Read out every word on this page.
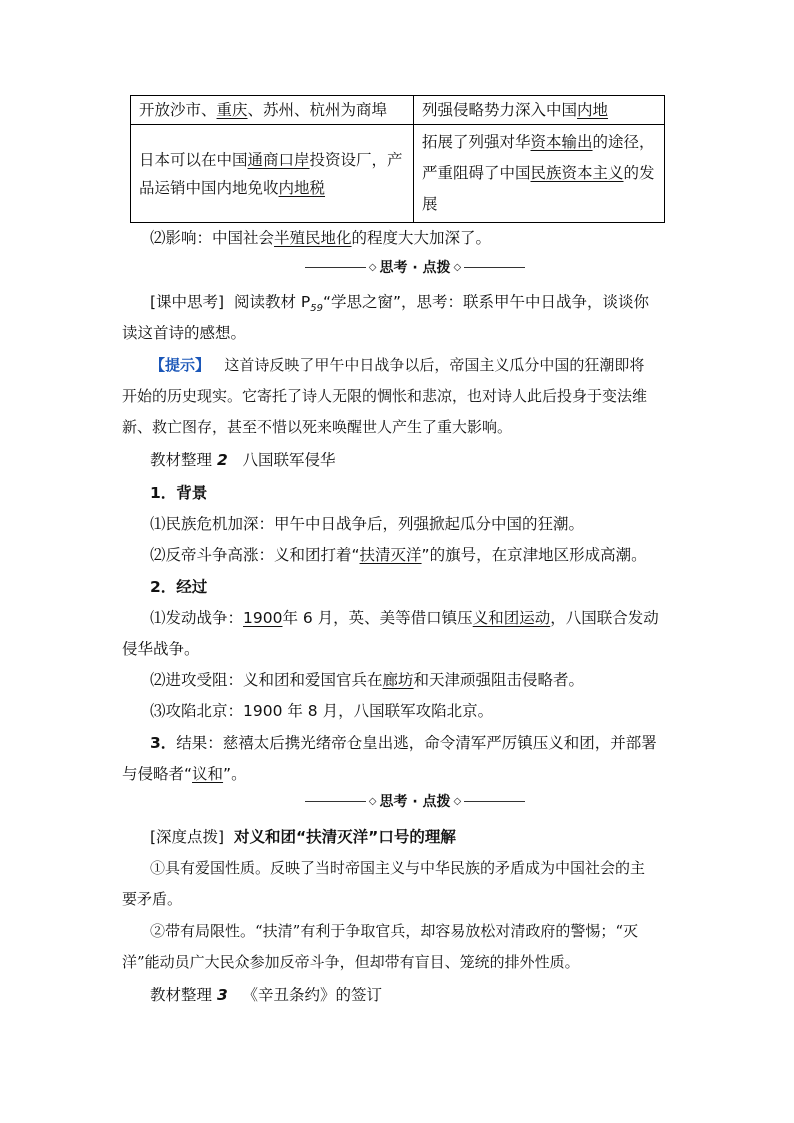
开放沙市、重庆、苏州、杭州为商埠	列强侵略势力深入中国内地
日本可以在中国通商口岸投资设厂，产品运销中国内地免收内地税	拓展了列强对华资本输出的途径，严重阻碍了中国民族资本主义的发展
⑵影响：中国社会半殖民地化的程度大大加深了。
◇ 思考 · 点拨 ◇
[课中思考] 阅读教材 $P_{59}“$学思之窗”，思考：联系甲午中日战争，谈谈你
读这首诗的感想。
【提示】 这首诗反映了甲午中日战争以后，帝国主义瓜分中国的狂潮即将
开始的历史现实。它寄托了诗人无限的惆怅和悲凉，也对诗人此后投身于变法维
新、救亡图存，甚至不惜以死来唤醒世人产生了重大影响。
教材整理 2 八国联军侵华
1．背景
⑴民族危机加深：甲午中日战争后，列强掀起瓜分中国的狂潮。
⑵反帝斗争高涨：义和团打着“扶清灭洋”的旗号，在京津地区形成高潮。
2．经过
⑴发动战争：1900年 6 月，英、美等借口镇压义和团运动，八国联合发动
侵华战争。
⑵进攻受阻：义和团和爱国官兵在廊坊和天津顽强阻击侵略者。
⑶攻陷北京：1900 年 8 月，八国联军攻陷北京。
3．结果：慈禧太后携光绪帝仓皇出逃，命令清军严厉镇压义和团，并部署
与侵略者“议和”。
◇ 思考 · 点拨 ◇
[深度点拨] 对义和团“扶清灭洋”口号的理解
①具有爱国性质。反映了当时帝国主义与中华民族的矛盾成为中国社会的主
要矛盾。
②带有局限性。“扶清”有利于争取官兵，却容易放松对清政府的警惕；“灭
洋”能动员广大民众参加反帝斗争，但却带有盲目、笼统的排外性质。
教材整理 3 《辛丑条约》的签订
